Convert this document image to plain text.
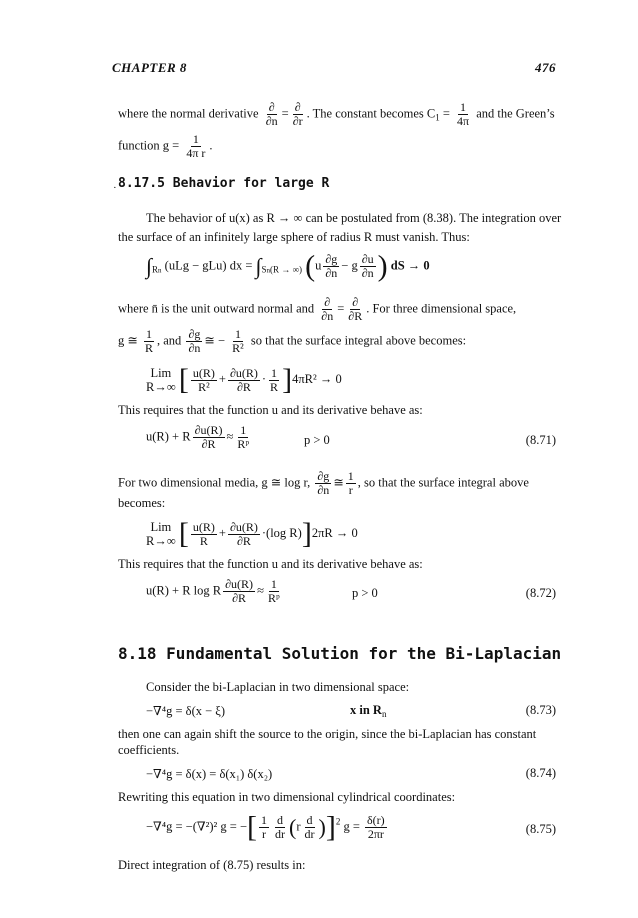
CHAPTER 8	476
where the normal derivative $\frac{\partial}{\partial n} = \frac{\partial}{\partial r}$ . The constant becomes $C_1 = \frac{1}{4\pi}$ and the Green’s
function $g = \frac{1}{\text{4π r}}$ .
· 8.17.5 Behavior for large R
The behavior of u(x) as R → ∞ can be postulated from (8.38). The integration over
the surface of an infinitely large sphere of radius R must vanish. Thus:
$\int_{Rn}$ (uLg − gLu) dx = $\int_{Sn(R \to \infty)}$ ($u \frac{\partial g}{\partial n} - g \frac{\partial u}{\partial n}$ ) dS → 0
where n̄ is the unit outward normal and $\frac{\partial}{\partial n} = \frac{\partial}{\partial R}$ . For three dimensional space,
g ≅ $\frac{1}{R}$ , and $\frac{\partial g}{\partial n}$ ≅ − $\frac{1}{\text{R²}}$ so that the surface integral above becomes:
Lim
R→∞ [ $\frac{u(R)}{\text{R²}} + \frac{\partial u(R)}{\partial R} \cdot \frac{1}{R} ]4\pi R^2 \to 0$
This requires that the function u and its derivative behave as:
u(R) + R $\frac{\partial u(R)}{\partial R} \approx \frac{1}{\text{Rᵖ}}$	p > 0	(8.71)
For two dimensional media, g ≅ log r, $\frac{\partial g}{\partial n}$ ≅ $\frac{1}{r}$ , so that the surface integral above
becomes:
Lim
R→∞ [ $\frac{u(R)}{R} + \frac{\partial u(R)}{\partial R} \cdot(\log$ R)]2πR → 0
This requires that the function u and its derivative behave as:
u(R) + R log R $\frac{\partial u(R)}{\partial R} \approx \frac{1}{\text{Rᵖ}}$	p > 0	(8.72)
8.18 Fundamental Solution for the Bi-Laplacian
Consider the bi-Laplacian in two dimensional space:
−∇⁴g = δ(x − ξ)	x in $R_n$	(8.73)
then one can again shift the source to the origin, since the bi-Laplacian has constant
coefficients.
−∇⁴g = δ(x) = δ(x₁) δ(x₂)	(8.74)
Rewriting this equation in two dimensional cylindrical coordinates:
−∇⁴g = −(∇²)² g = −[ $\frac{1}{r} \frac{d}{dr} (r \frac{d}{dr} )]^2$ $g = \frac{\delta(r)}{2\pi r}$	(8.75)
Direct integration of (8.75) results in:
